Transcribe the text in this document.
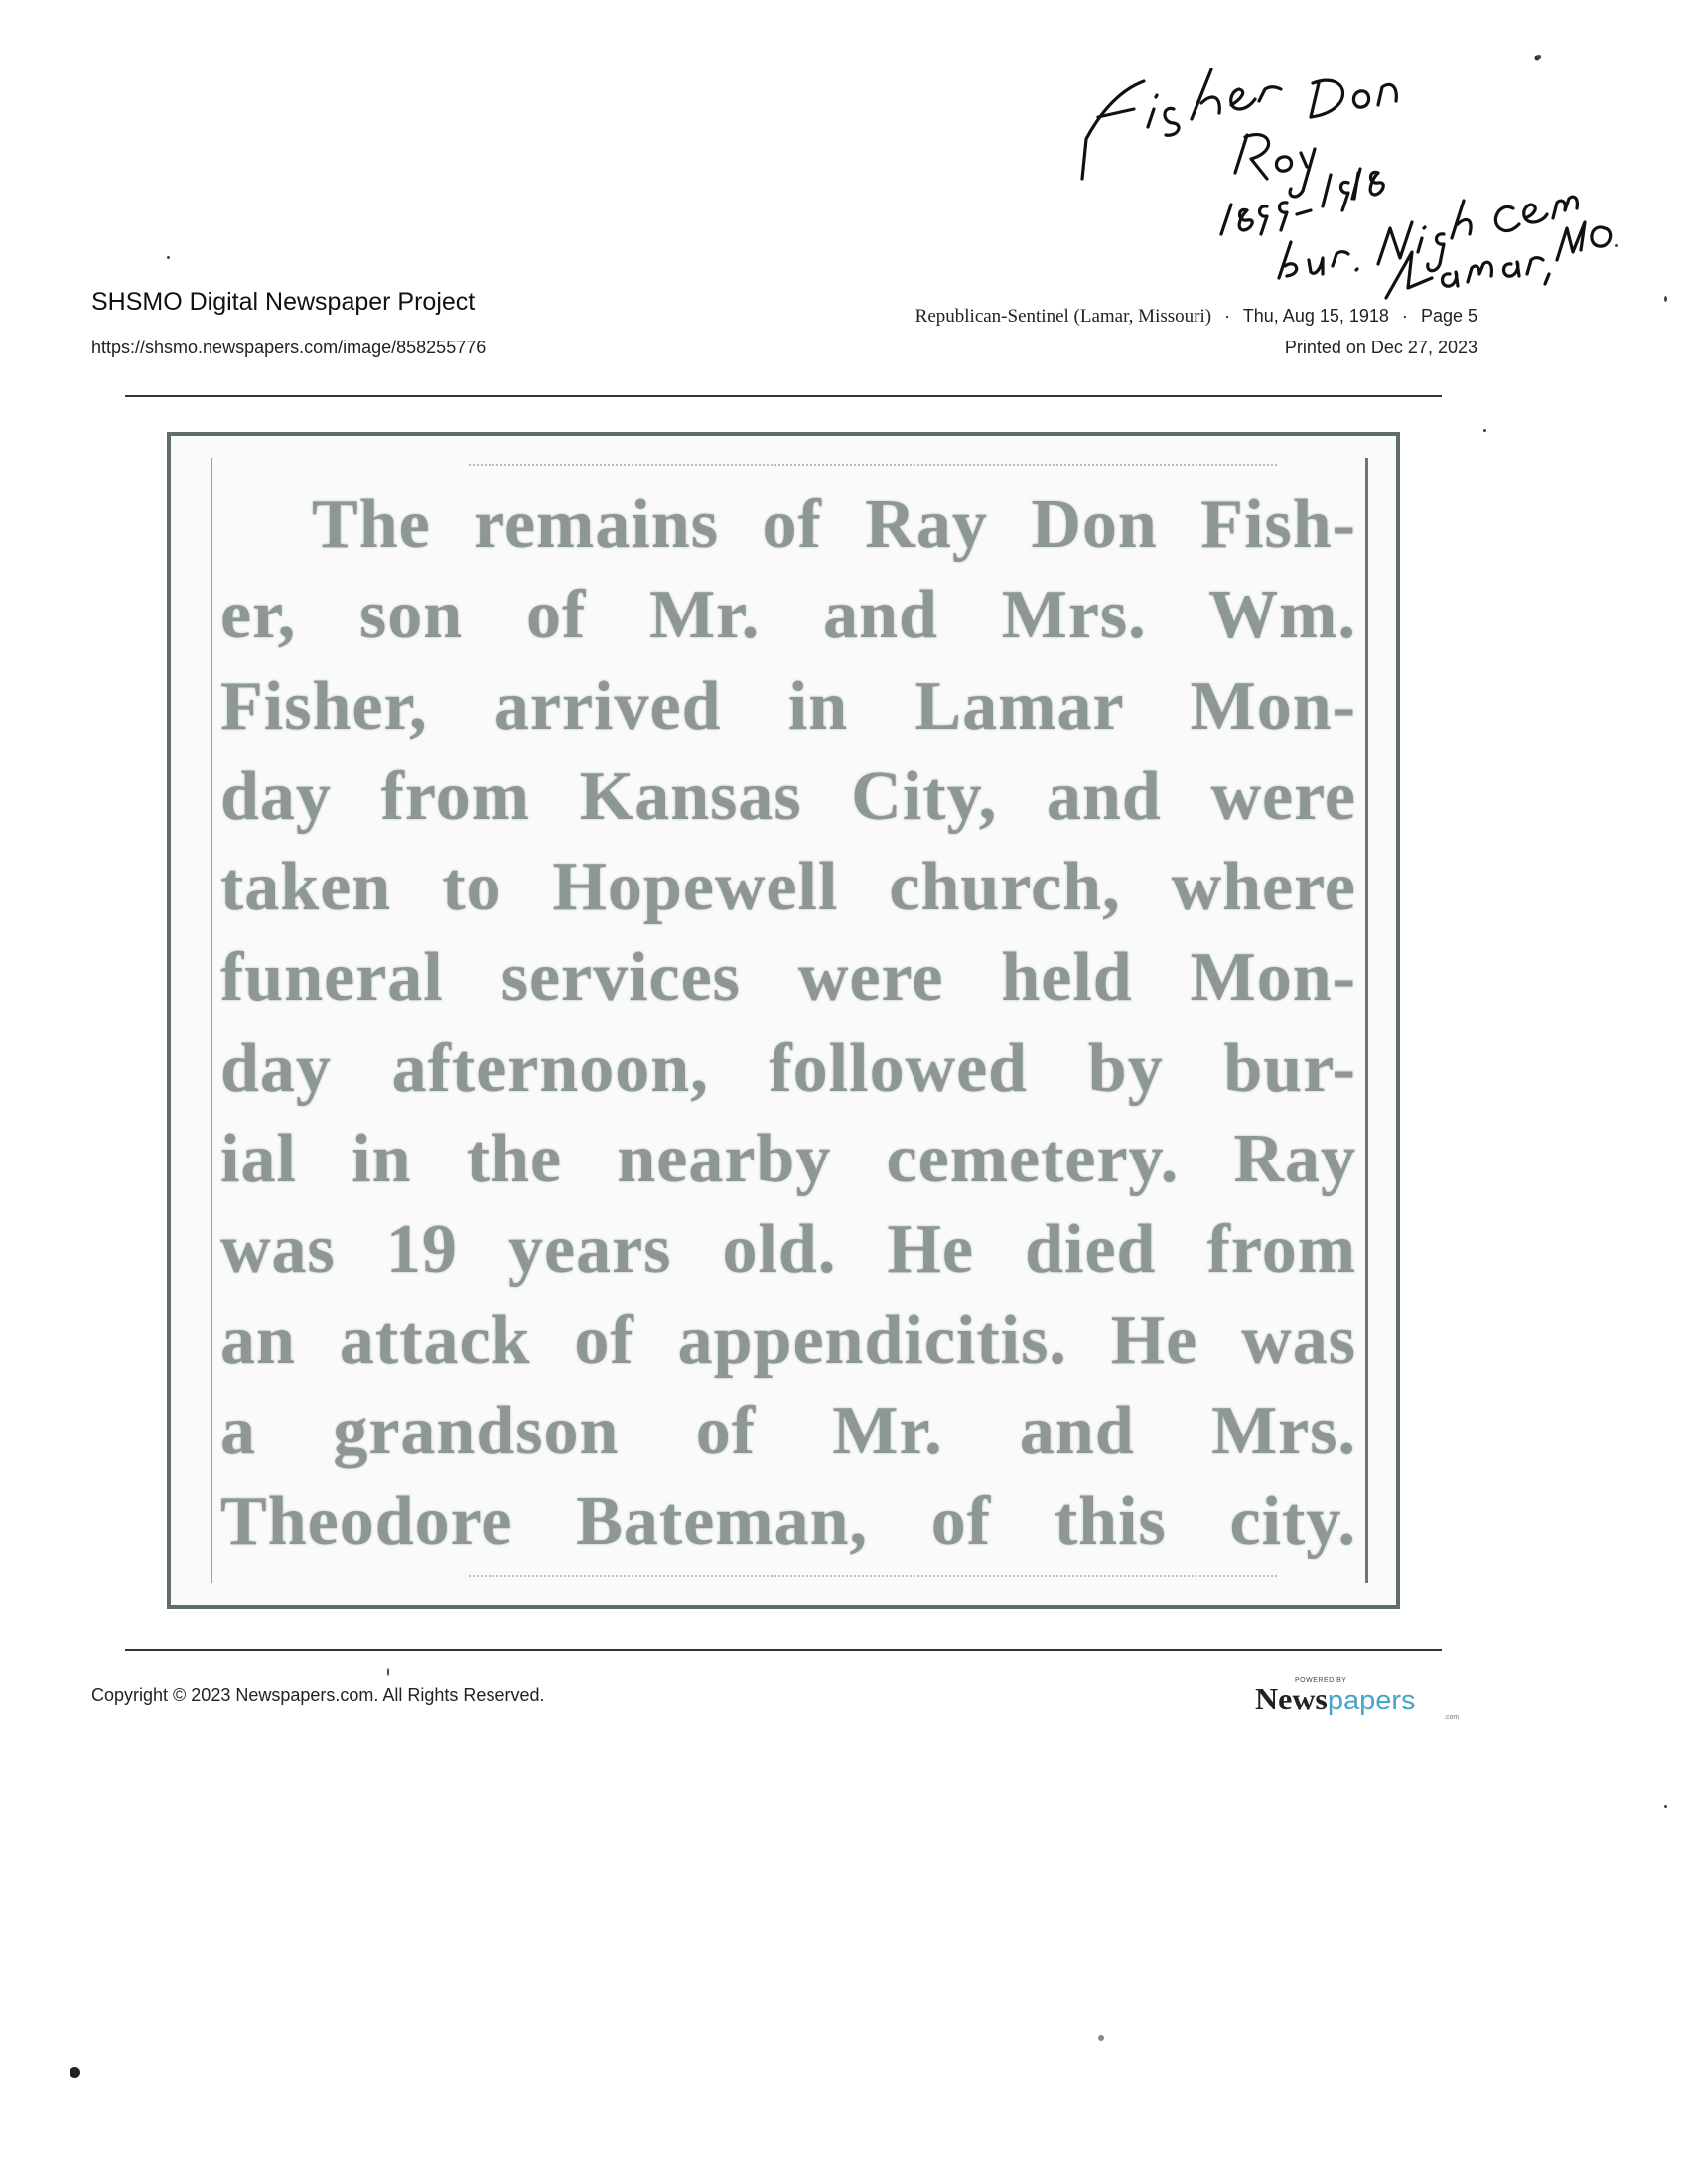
SHSMO Digital Newspaper Project
https://shsmo.newspapers.com/image/858255776
Republican-Sentinel (Lamar, Missouri) · Thu, Aug 15, 1918 · Page 5
Printed on Dec 27, 2023
The remains of Ray Don Fish-
er, son of Mr. and Mrs. Wm.
Fisher, arrived in Lamar Mon-
day from Kansas City, and were
taken to Hopewell church, where
funeral services were held Mon-
day afternoon, followed by bur-
ial in the nearby cemetery. Ray
was 19 years old. He died from
an attack of appendicitis. He was
a grandson of Mr. and Mrs.
Theodore Bateman, of this city.
Copyright © 2023 Newspapers.com. All Rights Reserved.
POWERED BY
News papers
.com
